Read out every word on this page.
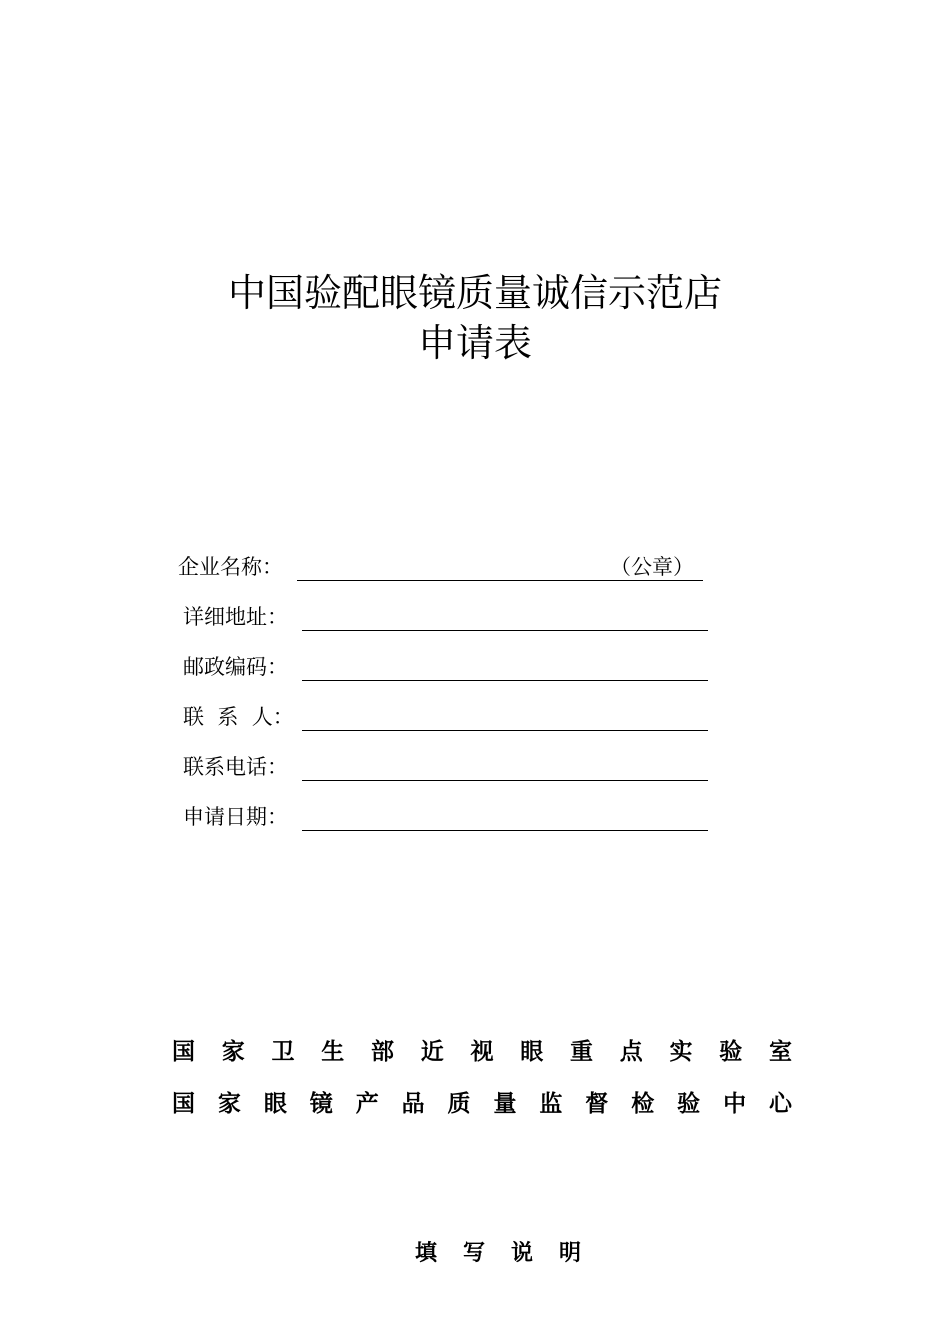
中国验配眼镜质量诚信示范店
申请表
企业名称：	（公章）
详细地址：
邮政编码：
联  系  人：
联系电话：
申请日期：
国 家 卫 生 部 近 视 眼 重 点 实 验 室
国 家 眼 镜 产 品 质 量 监 督 检 验 中 心
填 写 说 明
